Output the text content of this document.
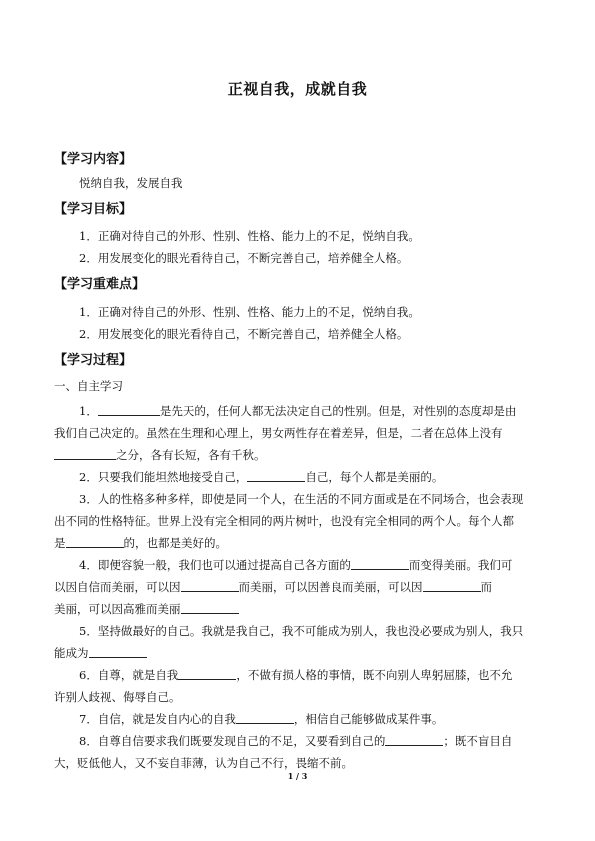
正视自我，成就自我
【学习内容】
悦纳自我，发展自我
【学习目标】
1．正确对待自己的外形、性别、性格、能力上的不足，悦纳自我。
2．用发展变化的眼光看待自己，不断完善自己，培养健全人格。
【学习重难点】
1．正确对待自己的外形、性别、性格、能力上的不足，悦纳自我。
2．用发展变化的眼光看待自己，不断完善自己，培养健全人格。
【学习过程】
一、自主学习
1．	是先天的，任何人都无法决定自己的性别。但是，对性别的态度却是由
我们自己决定的。虽然在生理和心理上，男女两性存在着差异，但是，二者在总体上没有
之分，各有长短，各有千秋。
2．只要我们能坦然地接受自己，	自己，每个人都是美丽的。
3．人的性格多种多样，即使是同一个人，在生活的不同方面或是在不同场合，也会表现
出不同的性格特征。世界上没有完全相同的两片树叶，也没有完全相同的两个人。每个人都
是	的，也都是美好的。
4．即便容貌一般，我们也可以通过提高自己各方面的	而变得美丽。我们可
以因自信而美丽，可以因	而美丽，可以因善良而美丽，可以因	而
美丽，可以因高雅而美丽
5．坚持做最好的自己。我就是我自己，我不可能成为别人，我也没必要成为别人，我只
能成为
6．自尊，就是自我	，不做有损人格的事情，既不向别人卑躬屈膝，也不允
许别人歧视、侮辱自己。
7．自信，就是发自内心的自我	，相信自己能够做成某件事。
8．自尊自信要求我们既要发现自己的不足，又要看到自己的	；既不盲目自
大，贬低他人，又不妄自菲薄，认为自己不行，畏缩不前。
1 / 3
